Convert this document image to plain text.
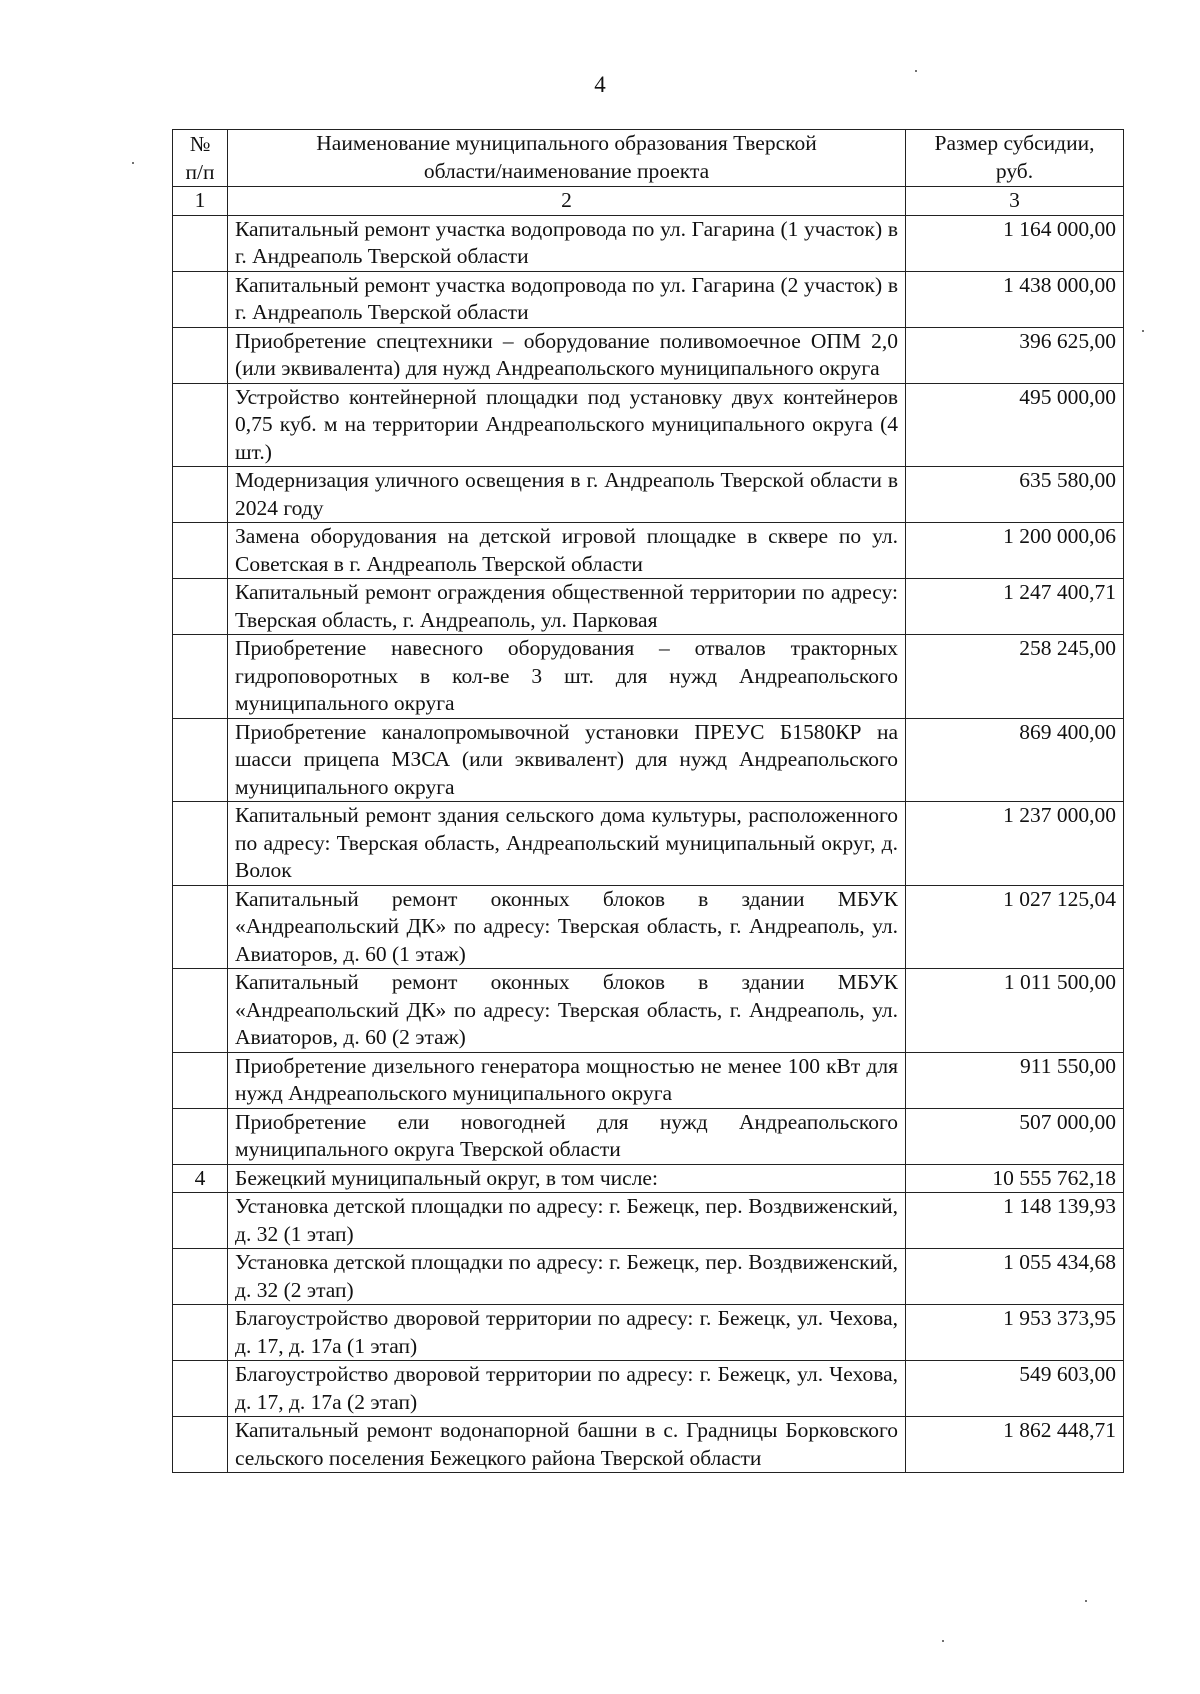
4
№ п/п	Наименование муниципального образования Тверской области/наименование проекта	Размер субсидии, руб.
1	2	3
	Капитальный ремонт участка водопровода по ул. Гагарина (1 участок) в г. Андреаполь Тверской области	1 164 000,00
	Капитальный ремонт участка водопровода по ул. Гагарина (2 участок) в г. Андреаполь Тверской области	1 438 000,00
	Приобретение спецтехники – оборудование поливомоечное ОПМ 2,0 (или эквивалента) для нужд Андреапольского муниципального округа	396 625,00
	Устройство контейнерной площадки под установку двух контейнеров 0,75 куб. м на территории Андреапольского муниципального округа (4 шт.)	495 000,00
	Модернизация уличного освещения в г. Андреаполь Тверской области в 2024 году	635 580,00
	Замена оборудования на детской игровой площадке в сквере по ул. Советская в г. Андреаполь Тверской области	1 200 000,06
	Капитальный ремонт ограждения общественной территории по адресу: Тверская область, г. Андреаполь, ул. Парковая	1 247 400,71
	Приобретение навесного оборудования – отвалов тракторных гидроповоротных в кол-ве 3 шт. для нужд Андреапольского муниципального округа	258 245,00
	Приобретение каналопромывочной установки ПРЕУС Б1580КР на шасси прицепа МЗСА (или эквивалент) для нужд Андреапольского муниципального округа	869 400,00
	Капитальный ремонт здания сельского дома культуры, расположенного по адресу: Тверская область, Андреапольский муниципальный округ, д. Волок	1 237 000,00
	Капитальный ремонт оконных блоков в здании МБУК «Андреапольский ДК» по адресу: Тверская область, г. Андреаполь, ул. Авиаторов, д. 60 (1 этаж)	1 027 125,04
	Капитальный ремонт оконных блоков в здании МБУК «Андреапольский ДК» по адресу: Тверская область, г. Андреаполь, ул. Авиаторов, д. 60 (2 этаж)	1 011 500,00
	Приобретение дизельного генератора мощностью не менее 100 кВт для нужд Андреапольского муниципального округа	911 550,00
	Приобретение ели новогодней для нужд Андреапольского муниципального округа Тверской области	507 000,00
4	Бежецкий муниципальный округ, в том числе:	10 555 762,18
	Установка детской площадки по адресу: г. Бежецк, пер. Воздвиженский, д. 32 (1 этап)	1 148 139,93
	Установка детской площадки по адресу: г. Бежецк, пер. Воздвиженский, д. 32 (2 этап)	1 055 434,68
	Благоустройство дворовой территории по адресу: г. Бежецк, ул. Чехова, д. 17, д. 17а (1 этап)	1 953 373,95
	Благоустройство дворовой территории по адресу: г. Бежецк, ул. Чехова, д. 17, д. 17а (2 этап)	549 603,00
	Капитальный ремонт водонапорной башни в с. Градницы Борковского сельского поселения Бежецкого района Тверской области	1 862 448,71
